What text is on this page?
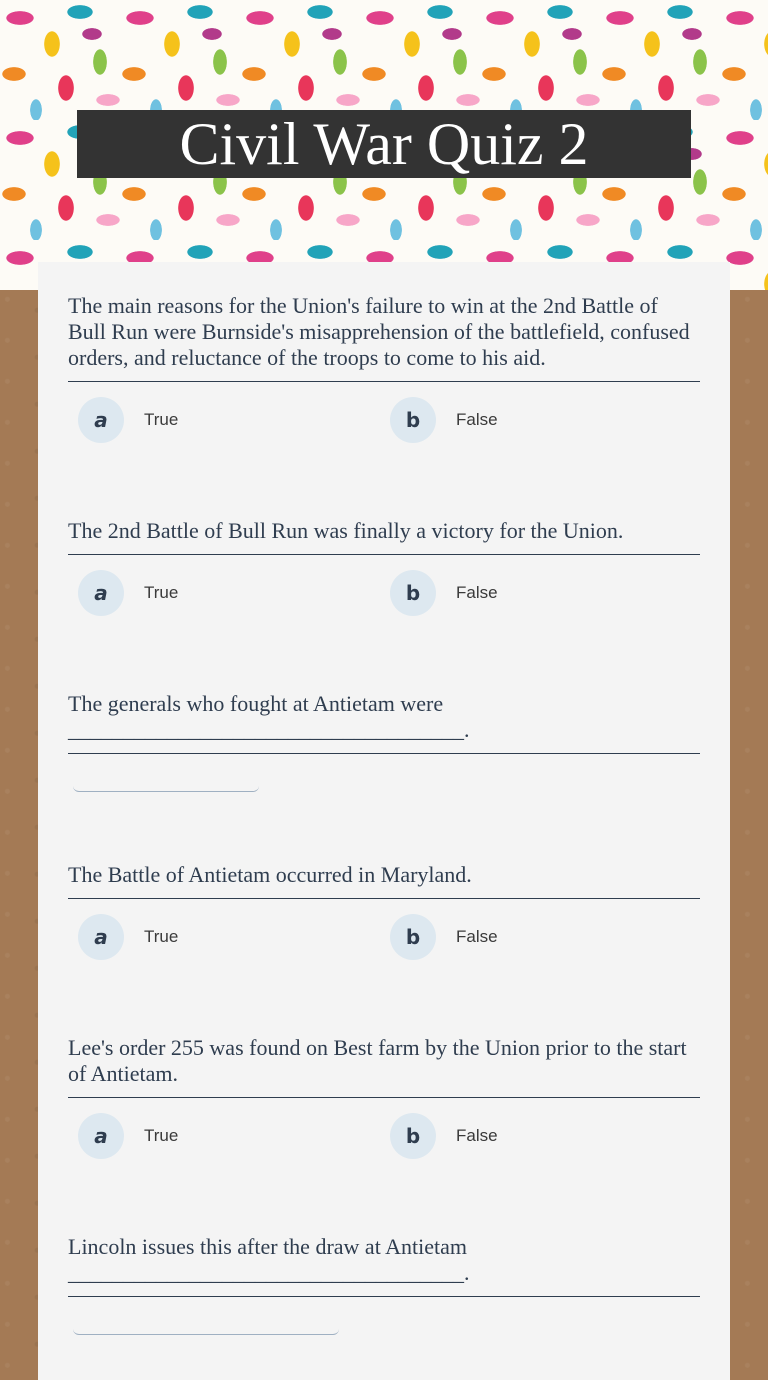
Civil War Quiz 2
The main reasons for the Union's failure to win at the 2nd Battle of Bull Run were Burnside's misapprehension of the battlefield, confused orders, and reluctance of the troops to come to his aid.
a	True	b	False
The 2nd Battle of Bull Run was finally a victory for the Union.
a	True	b	False
The generals who fought at Antietam were ____________________________________.
The Battle of Antietam occurred in Maryland.
a	True	b	False
Lee's order 255 was found on Best farm by the Union prior to the start of Antietam.
a	True	b	False
Lincoln issues this after the draw at Antietam ____________________________________.
